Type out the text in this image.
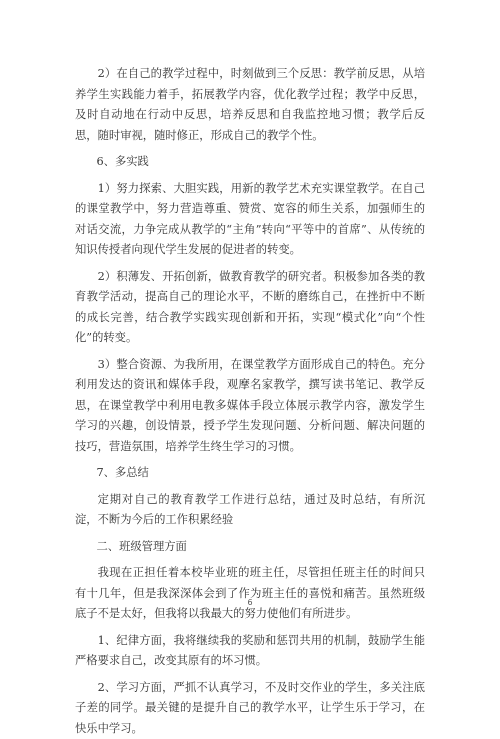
2）在自己的教学过程中，时刻做到三个反思：教学前反思，从培养学生实践能力着手，拓展教学内容，优化教学过程；教学中反思，及时自动地在行动中反思，培养反思和自我监控地习惯；教学后反思，随时审视，随时修正，形成自己的教学个性。

6、多实践

1）努力探索、大胆实践，用新的教学艺术充实课堂教学。在自己的课堂教学中，努力营造尊重、赞赏、宽容的师生关系，加强师生的对话交流，力争完成从教学的“主角”转向“平等中的首席”、从传统的知识传授者向现代学生发展的促进者的转变。

2）积薄发、开拓创新，做教育教学的研究者。积极参加各类的教育教学活动，提高自己的理论水平，不断的磨练自己，在挫折中不断的成长完善，结合教学实践实现创新和开拓，实现“模式化”向“个性化”的转变。

3）整合资源、为我所用，在课堂教学方面形成自己的特色。充分利用发达的资讯和媒体手段，观摩名家教学，撰写读书笔记、教学反思，在课堂教学中利用电教多媒体手段立体展示教学内容，激发学生学习的兴趣，创设情景，授予学生发现问题、分析问题、解决问题的技巧，营造氛围，培养学生终生学习的习惯。

7、多总结

定期对自己的教育教学工作进行总结，通过及时总结，有所沉淀，不断为今后的工作积累经验

二、班级管理方面

我现在正担任着本校毕业班的班主任，尽管担任班主任的时间只有十几年，但是我深深体会到了作为班主任的喜悦和痛苦。虽然班级底子不是太好，但我将以我最大的努力使他们有所进步。

1、纪律方面，我将继续我的奖励和惩罚共用的机制，鼓励学生能严格要求自己，改变其原有的坏习惯。

2、学习方面，严抓不认真学习，不及时交作业的学生，多关注底子差的同学。最关键的是提升自己的教学水平，让学生乐于学习，在快乐中学习。

6
